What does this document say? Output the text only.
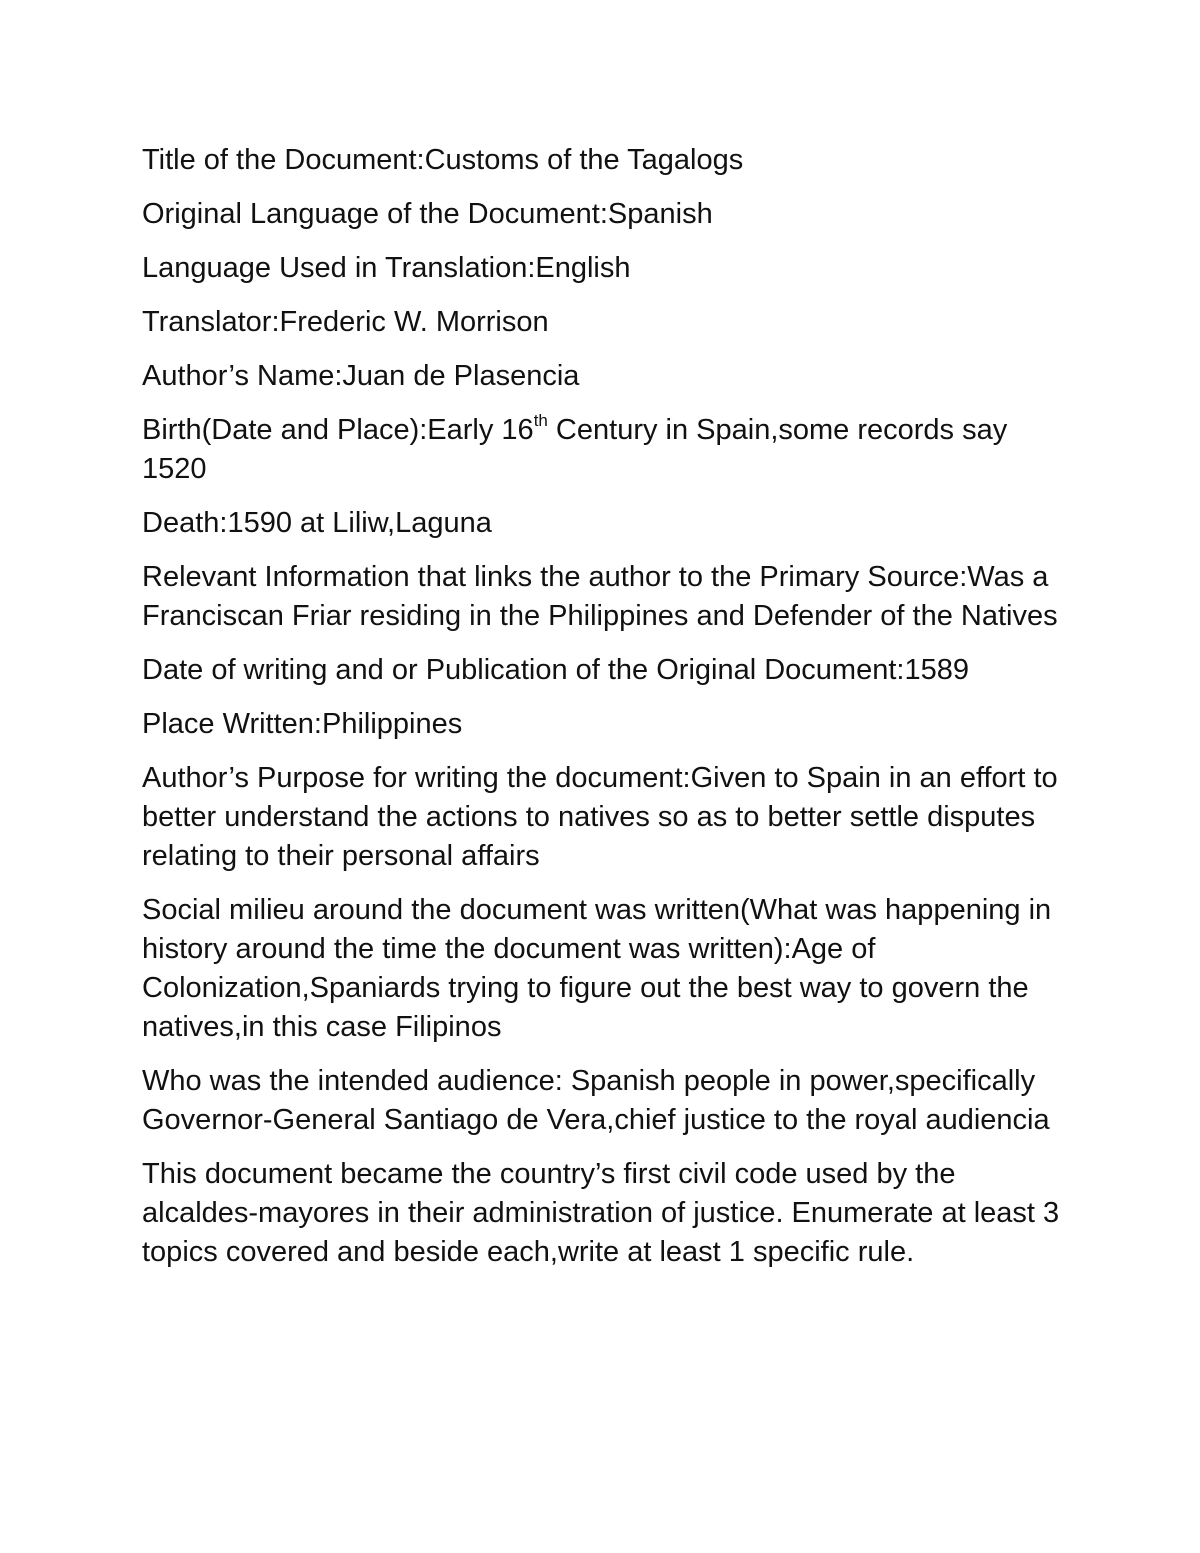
Title of the Document:Customs of the Tagalogs

Original Language of the Document:Spanish

Language Used in Translation:English

Translator:Frederic W. Morrison

Author’s Name:Juan de Plasencia

Birth(Date and Place):Early 16th Century in Spain,some records say 1520

Death:1590 at Liliw,Laguna

Relevant Information that links the author to the Primary Source:Was a Franciscan Friar residing in the Philippines and Defender of the Natives

Date of writing and or Publication of the Original Document:1589

Place Written:Philippines

Author’s Purpose for writing the document:Given to Spain in an effort to better understand the actions to natives so as to better settle disputes relating to their personal affairs

Social milieu around the document was written(What was happening in history around the time the document was written):Age of Colonization,Spaniards trying to figure out the best way to govern the natives,in this case Filipinos

Who was the intended audience: Spanish people in power,specifically Governor-General Santiago de Vera,chief justice to the royal audiencia

This document became the country’s first civil code used by the alcaldes-mayores in their administration of justice. Enumerate at least 3 topics covered and beside each,write at least 1 specific rule.
